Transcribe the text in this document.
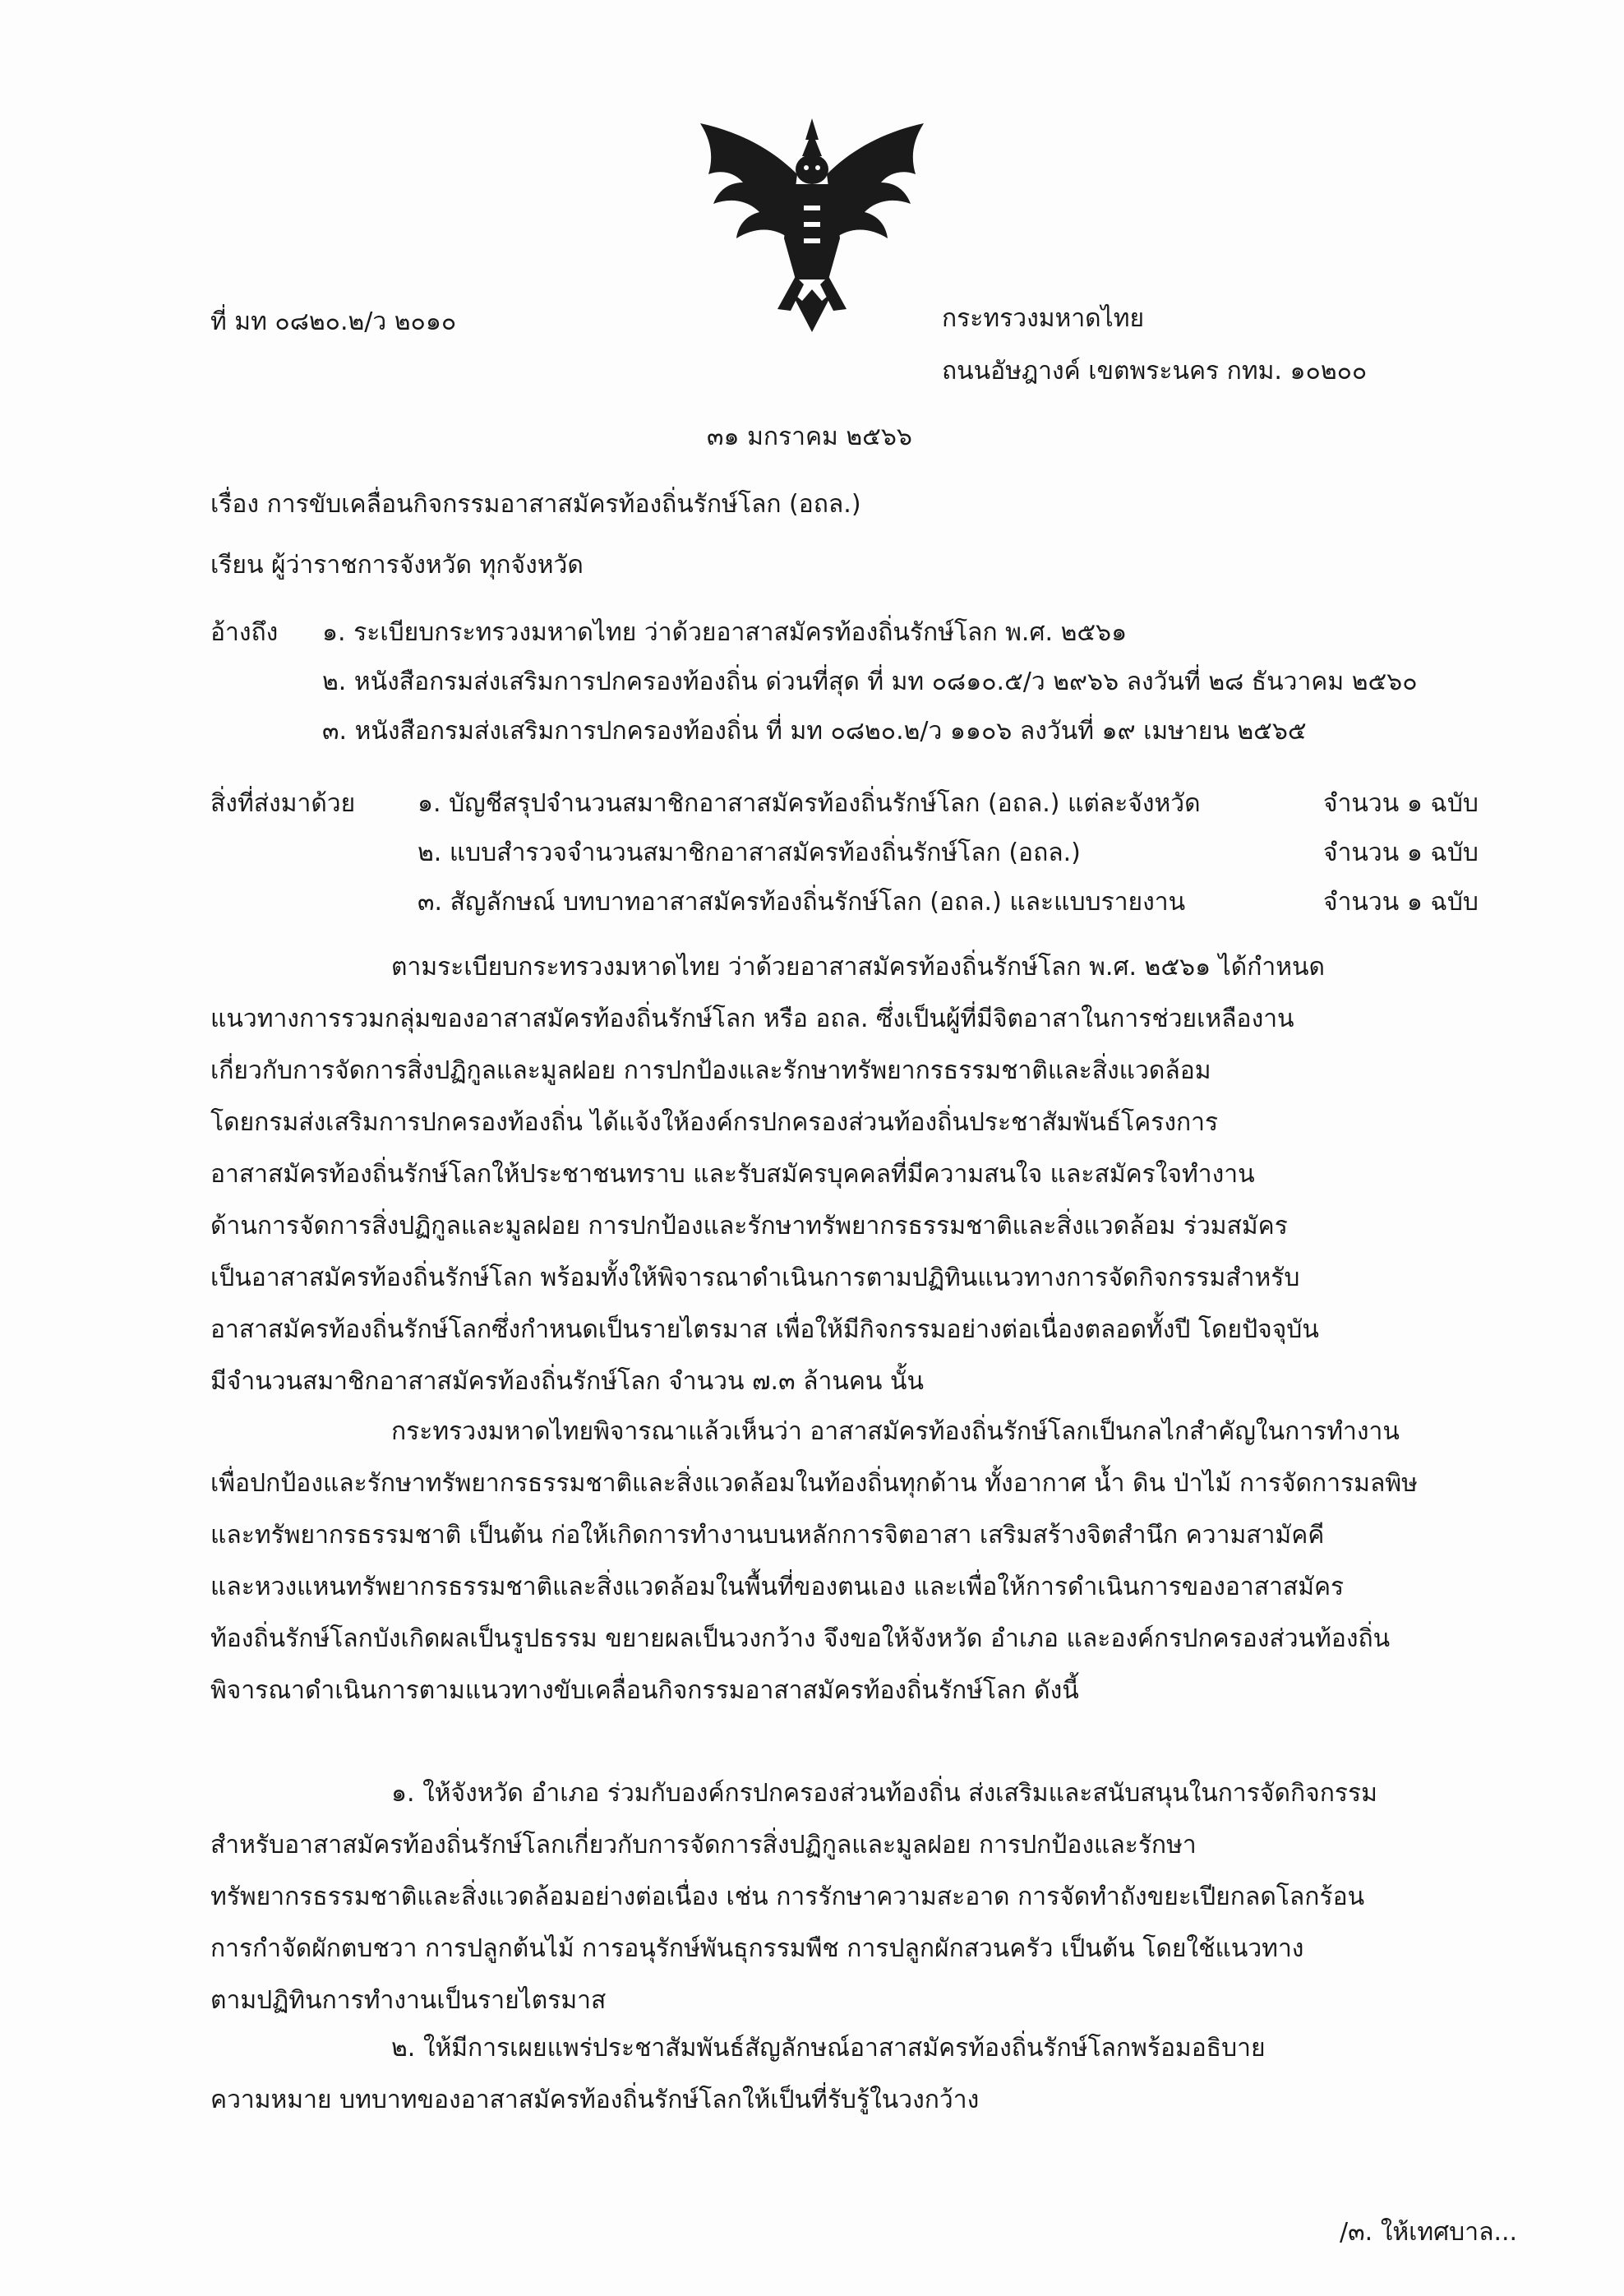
ที่ มท ๐๘๒๐.๒/ว ๒๐๑๐	กระทรวงมหาดไทย
ถนนอัษฎางค์ เขตพระนคร กทม. ๑๐๒๐๐
๓๑ มกราคม ๒๕๖๖
เรื่อง การขับเคลื่อนกิจกรรมอาสาสมัครท้องถิ่นรักษ์โลก (อถล.)
เรียน ผู้ว่าราชการจังหวัด ทุกจังหวัด
อ้างถึง ๑. ระเบียบกระทรวงมหาดไทย ว่าด้วยอาสาสมัครท้องถิ่นรักษ์โลก พ.ศ. ๒๕๖๑
๒. หนังสือกรมส่งเสริมการปกครองท้องถิ่น ด่วนที่สุด ที่ มท ๐๘๑๐.๕/ว ๒๙๖๖ ลงวันที่ ๒๘ ธันวาคม ๒๕๖๐
๓. หนังสือกรมส่งเสริมการปกครองท้องถิ่น ที่ มท ๐๘๒๐.๒/ว ๑๑๐๖ ลงวันที่ ๑๙ เมษายน ๒๕๖๕
สิ่งที่ส่งมาด้วย	๑. บัญชีสรุปจำนวนสมาชิกอาสาสมัครท้องถิ่นรักษ์โลก (อถล.) แต่ละจังหวัด	จำนวน ๑ ฉบับ
๒. แบบสำรวจจำนวนสมาชิกอาสาสมัครท้องถิ่นรักษ์โลก (อถล.)	จำนวน ๑ ฉบับ
๓. สัญลักษณ์ บทบาทอาสาสมัครท้องถิ่นรักษ์โลก (อถล.) และแบบรายงาน	จำนวน ๑ ฉบับ
ตามระเบียบกระทรวงมหาดไทย ว่าด้วยอาสาสมัครท้องถิ่นรักษ์โลก พ.ศ. ๒๕๖๑ ได้กำหนด
แนวทางการรวมกลุ่มของอาสาสมัครท้องถิ่นรักษ์โลก หรือ อถล. ซึ่งเป็นผู้ที่มีจิตอาสาในการช่วยเหลืองาน
เกี่ยวกับการจัดการสิ่งปฏิกูลและมูลฝอย การปกป้องและรักษาทรัพยากรธรรมชาติและสิ่งแวดล้อม
โดยกรมส่งเสริมการปกครองท้องถิ่น ได้แจ้งให้องค์กรปกครองส่วนท้องถิ่นประชาสัมพันธ์โครงการ
อาสาสมัครท้องถิ่นรักษ์โลกให้ประชาชนทราบ และรับสมัครบุคคลที่มีความสนใจ และสมัครใจทำงาน
ด้านการจัดการสิ่งปฏิกูลและมูลฝอย การปกป้องและรักษาทรัพยากรธรรมชาติและสิ่งแวดล้อม ร่วมสมัคร
เป็นอาสาสมัครท้องถิ่นรักษ์โลก พร้อมทั้งให้พิจารณาดำเนินการตามปฏิทินแนวทางการจัดกิจกรรมสำหรับ
อาสาสมัครท้องถิ่นรักษ์โลกซึ่งกำหนดเป็นรายไตรมาส เพื่อให้มีกิจกรรมอย่างต่อเนื่องตลอดทั้งปี โดยปัจจุบัน
มีจำนวนสมาชิกอาสาสมัครท้องถิ่นรักษ์โลก จำนวน ๗.๓ ล้านคน นั้น
กระทรวงมหาดไทยพิจารณาแล้วเห็นว่า อาสาสมัครท้องถิ่นรักษ์โลกเป็นกลไกสำคัญในการทำงาน
เพื่อปกป้องและรักษาทรัพยากรธรรมชาติและสิ่งแวดล้อมในท้องถิ่นทุกด้าน ทั้งอากาศ น้ำ ดิน ป่าไม้ การจัดการมลพิษ
และทรัพยากรธรรมชาติ เป็นต้น ก่อให้เกิดการทำงานบนหลักการจิตอาสา เสริมสร้างจิตสำนึก ความสามัคคี
และหวงแหนทรัพยากรธรรมชาติและสิ่งแวดล้อมในพื้นที่ของตนเอง และเพื่อให้การดำเนินการของอาสาสมัคร
ท้องถิ่นรักษ์โลกบังเกิดผลเป็นรูปธรรม ขยายผลเป็นวงกว้าง จึงขอให้จังหวัด อำเภอ และองค์กรปกครองส่วนท้องถิ่น
พิจารณาดำเนินการตามแนวทางขับเคลื่อนกิจกรรมอาสาสมัครท้องถิ่นรักษ์โลก ดังนี้
๑. ให้จังหวัด อำเภอ ร่วมกับองค์กรปกครองส่วนท้องถิ่น ส่งเสริมและสนับสนุนในการจัดกิจกรรม
สำหรับอาสาสมัครท้องถิ่นรักษ์โลกเกี่ยวกับการจัดการสิ่งปฏิกูลและมูลฝอย การปกป้องและรักษา
ทรัพยากรธรรมชาติและสิ่งแวดล้อมอย่างต่อเนื่อง เช่น การรักษาความสะอาด การจัดทำถังขยะเปียกลดโลกร้อน
การกำจัดผักตบชวา การปลูกต้นไม้ การอนุรักษ์พันธุกรรมพืช การปลูกผักสวนครัว เป็นต้น โดยใช้แนวทาง
ตามปฏิทินการทำงานเป็นรายไตรมาส
๒. ให้มีการเผยแพร่ประชาสัมพันธ์สัญลักษณ์อาสาสมัครท้องถิ่นรักษ์โลกพร้อมอธิบาย
ความหมาย บทบาทของอาสาสมัครท้องถิ่นรักษ์โลกให้เป็นที่รับรู้ในวงกว้าง
/๓. ให้เทศบาล...
